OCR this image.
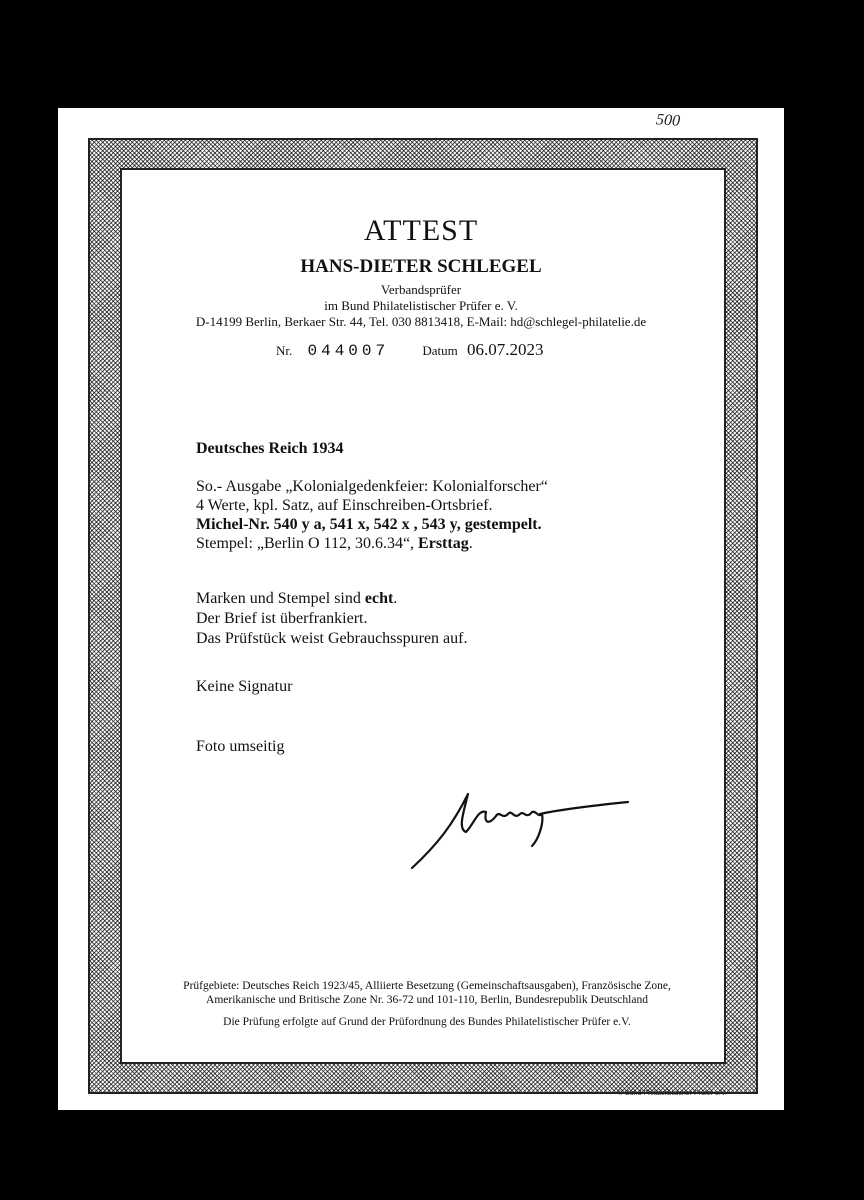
500
ATTEST
HANS-DIETER SCHLEGEL
Verbandsprüfer
im Bund Philatelistischer Prüfer e. V.
D-14199 Berlin, Berkaer Str. 44, Tel. 030 8813418, E-Mail: hd@schlegel-philatelie.de
Nr. 044007	Datum 06.07.2023
Deutsches Reich 1934
So.- Ausgabe „Kolonialgedenkfeier: Kolonialforscher“
4 Werte, kpl. Satz, auf Einschreiben-Ortsbrief.
Michel-Nr. 540 y a, 541 x, 542 x , 543 y, gestempelt.
Stempel: „Berlin O 112, 30.6.34“, Ersttag.
Marken und Stempel sind echt.
Der Brief ist überfrankiert.
Das Prüfstück weist Gebrauchsspuren auf.
Keine Signatur
Foto umseitig
Prüfgebiete: Deutsches Reich 1923/45, Alliierte Besetzung (Gemeinschaftsausgaben), Französische Zone,
Amerikanische und Britische Zone Nr. 36-72 und 101-110, Berlin, Bundesrepublik Deutschland
Die Prüfung erfolgte auf Grund der Prüfordnung des Bundes Philatelistischer Prüfer e.V.
© Bund Philatelistischer Prüfer e.V.
